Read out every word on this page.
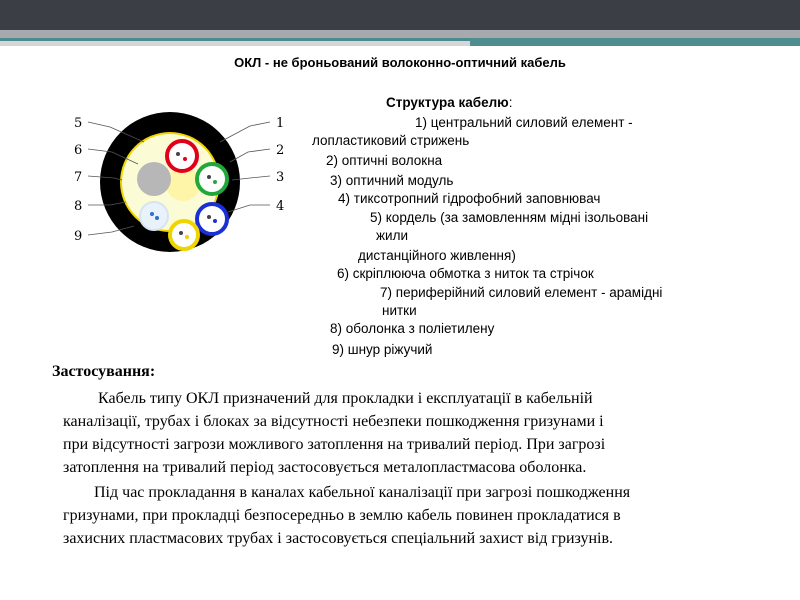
ОКЛ - не броньований волоконно-оптичний кабель
5
6
7
8
9
1
2
3
4
Структура кабелю:
1) центральний силовий елемент -
лопластиковий стрижень
2) оптичні волокна
3) оптичний модуль
4) тиксотропний гідрофобний заповнювач
5) кордель (за замовленням мідні ізольовані
жили
дистанційного живлення)
6) скріплююча обмотка з ниток та стрічок
7) периферійний силовий елемент - арамідні
нитки
8) оболонка з поліетилену
9) шнур ріжучий
Застосування:
Кабель типу ОКЛ призначений для прокладки і експлуатації в кабельній
каналізації, трубах і блоках за відсутності небезпеки пошкодження гризунами і
при відсутності загрози можливого затоплення на тривалий період. При загрозі
затоплення на тривалий період застосовується металопластмасова оболонка.
Під час прокладання в каналах кабельної каналізації при загрозі пошкодження
гризунами, при прокладці безпосередньо в землю кабель повинен прокладатися в
захисних пластмасових трубах і застосовується спеціальний захист від гризунів.
